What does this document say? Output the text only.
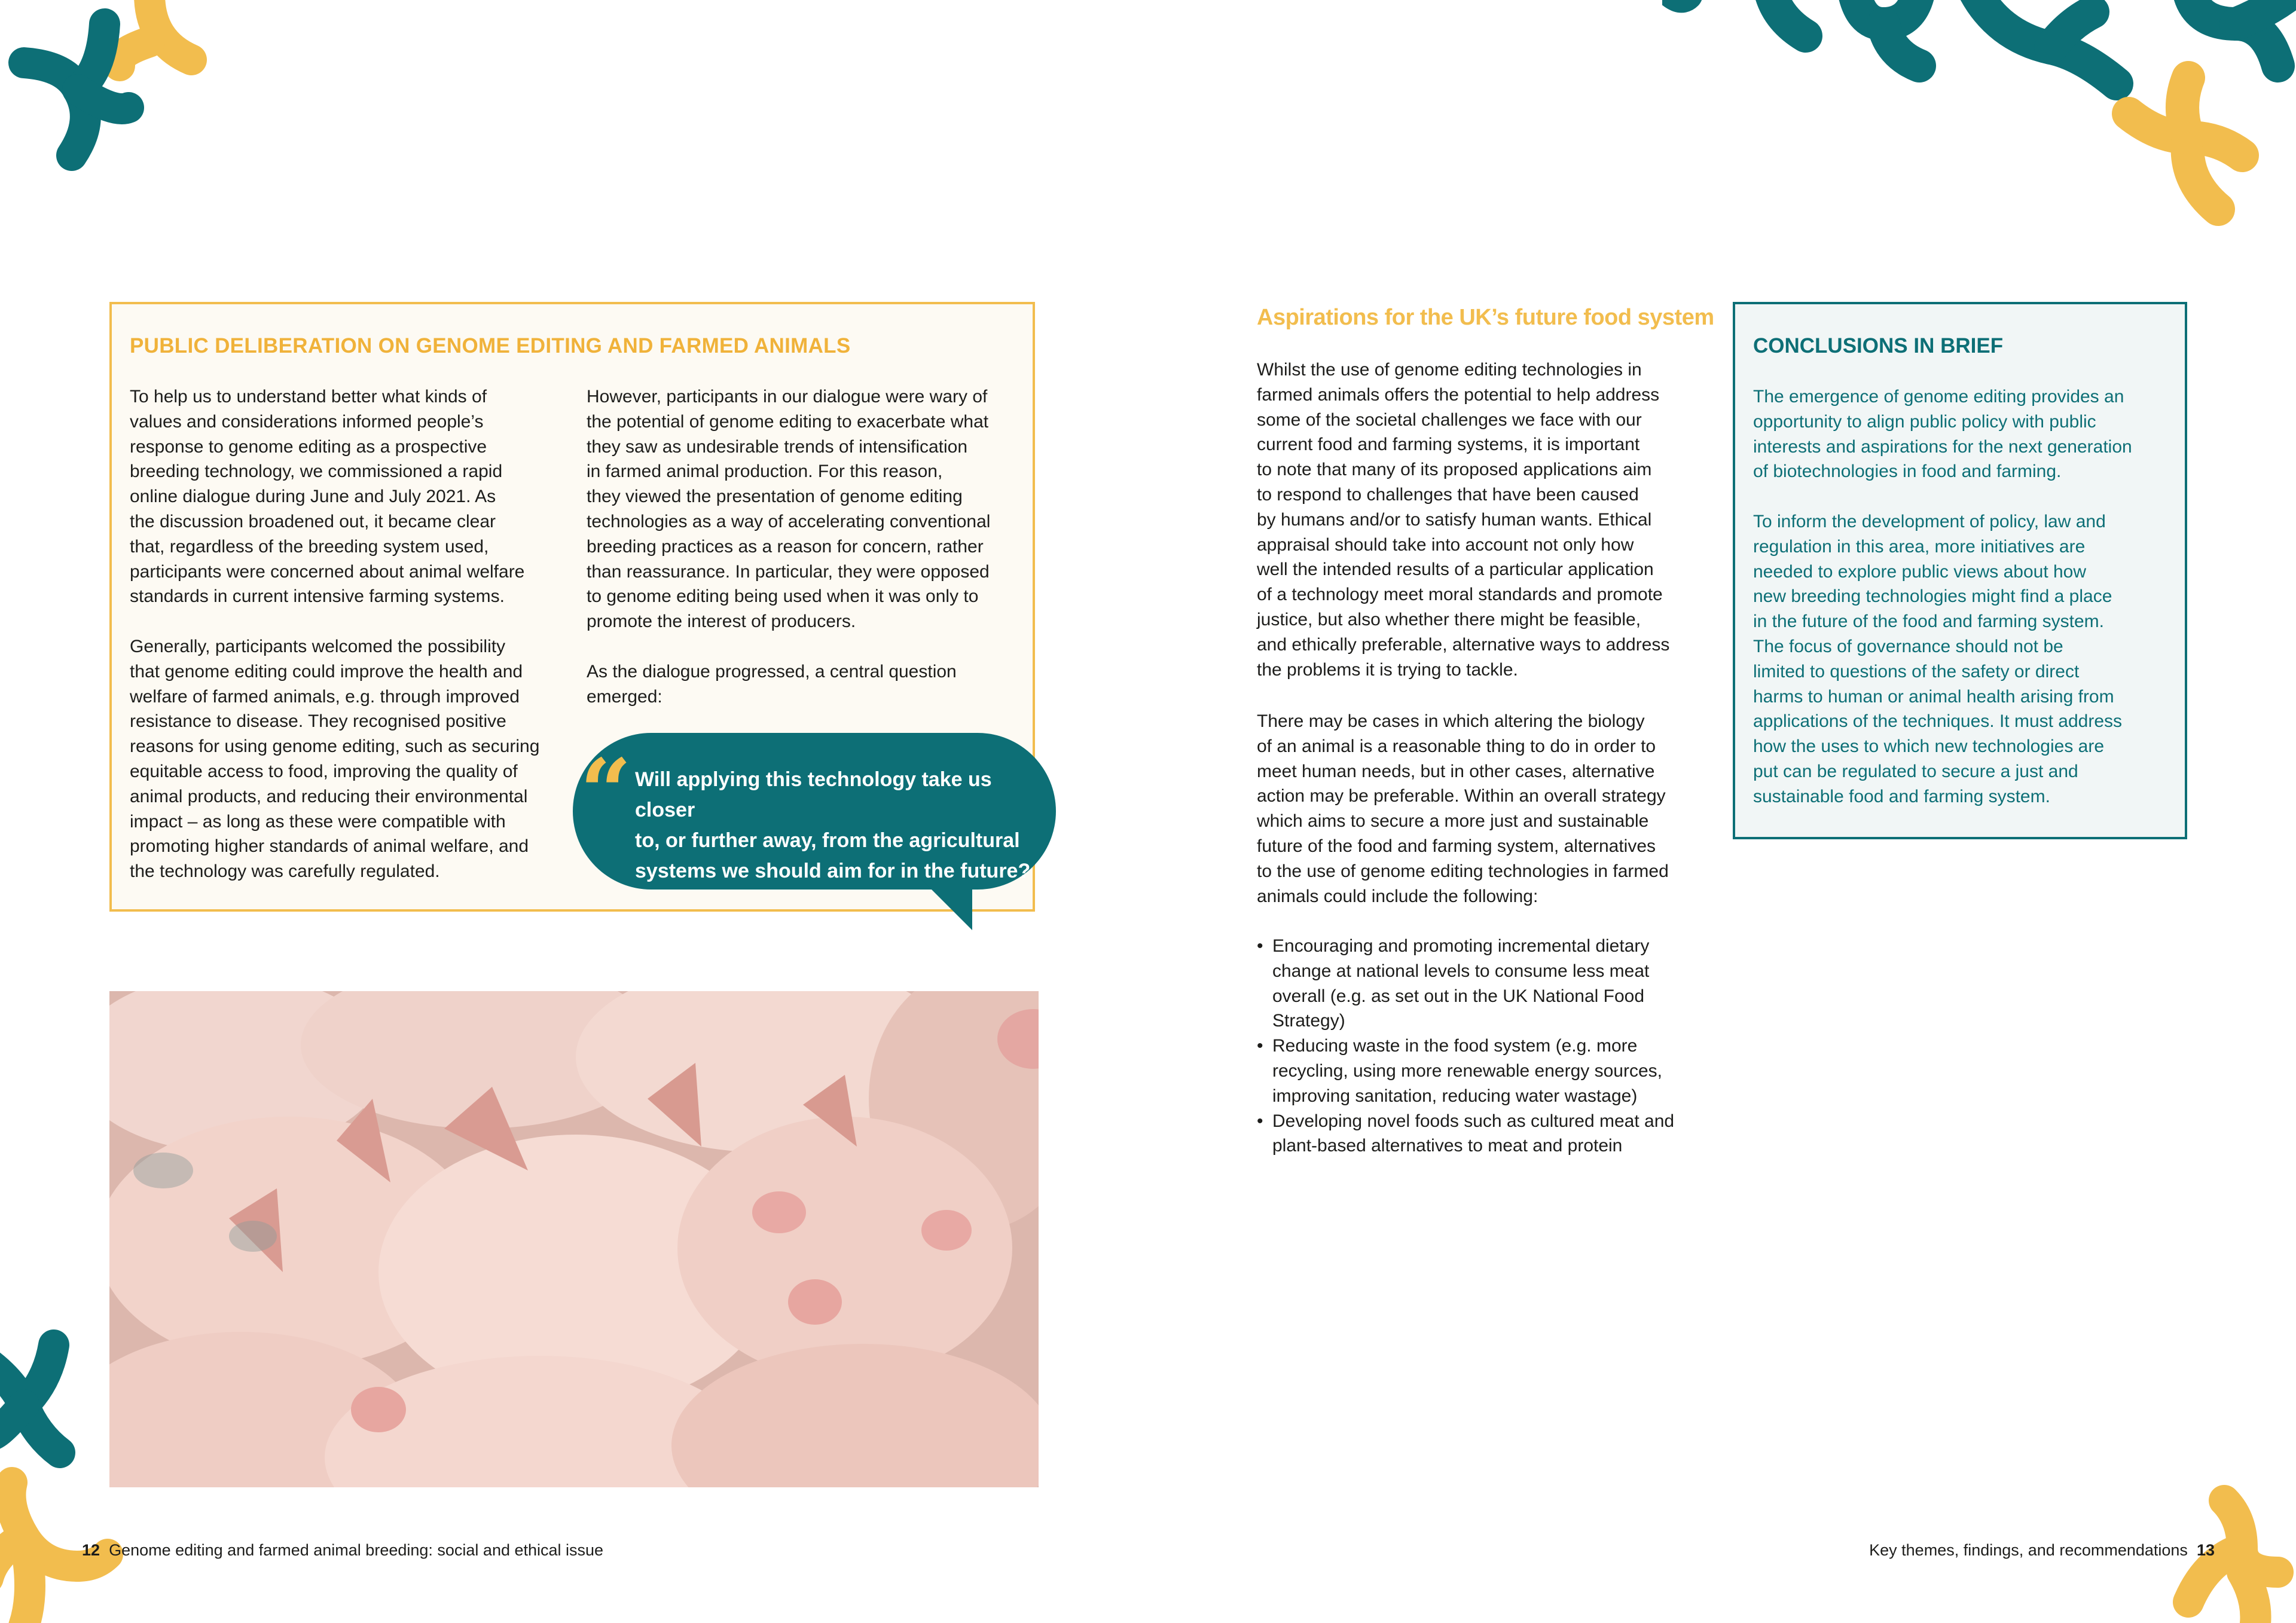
PUBLIC DELIBERATION ON GENOME EDITING AND FARMED ANIMALS

To help us to understand better what kinds of
values and considerations informed people’s
response to genome editing as a prospective
breeding technology, we commissioned a rapid
online dialogue during June and July 2021. As
the discussion broadened out, it became clear
that, regardless of the breeding system used,
participants were concerned about animal welfare
standards in current intensive farming systems.

Generally, participants welcomed the possibility
that genome editing could improve the health and
welfare of farmed animals, e.g. through improved
resistance to disease. They recognised positive
reasons for using genome editing, such as securing
equitable access to food, improving the quality of
animal products, and reducing their environmental
impact – as long as these were compatible with
promoting higher standards of animal welfare, and
the technology was carefully regulated.

However, participants in our dialogue were wary of
the potential of genome editing to exacerbate what
they saw as undesirable trends of intensification
in farmed animal production. For this reason,
they viewed the presentation of genome editing
technologies as a way of accelerating conventional
breeding practices as a reason for concern, rather
than reassurance. In particular, they were opposed
to genome editing being used when it was only to
promote the interest of producers.

As the dialogue progressed, a central question
emerged:

“ Will applying this technology take us closer
to, or further away, from the agricultural
systems we should aim for in the future?

Aspirations for the UK’s future food system

Whilst the use of genome editing technologies in
farmed animals offers the potential to help address
some of the societal challenges we face with our
current food and farming systems, it is important
to note that many of its proposed applications aim
to respond to challenges that have been caused
by humans and/or to satisfy human wants. Ethical
appraisal should take into account not only how
well the intended results of a particular application
of a technology meet moral standards and promote
justice, but also whether there might be feasible,
and ethically preferable, alternative ways to address
the problems it is trying to tackle.

There may be cases in which altering the biology
of an animal is a reasonable thing to do in order to
meet human needs, but in other cases, alternative
action may be preferable. Within an overall strategy
which aims to secure a more just and sustainable
future of the food and farming system, alternatives
to the use of genome editing technologies in farmed
animals could include the following:

• Encouraging and promoting incremental dietary
change at national levels to consume less meat
overall (e.g. as set out in the UK National Food
Strategy)
• Reducing waste in the food system (e.g. more
recycling, using more renewable energy sources,
improving sanitation, reducing water wastage)
• Developing novel foods such as cultured meat and
plant-based alternatives to meat and protein
CONCLUSIONS IN BRIEF

The emergence of genome editing provides an
opportunity to align public policy with public
interests and aspirations for the next generation
of biotechnologies in food and farming.

To inform the development of policy, law and
regulation in this area, more initiatives are
needed to explore public views about how
new breeding technologies might find a place
in the future of the food and farming system.
The focus of governance should not be
limited to questions of the safety or direct
harms to human or animal health arising from
applications of the techniques. It must address
how the uses to which new technologies are
put can be regulated to secure a just and
sustainable food and farming system.

12 Genome editing and farmed animal breeding: social and ethical issue	Key themes, findings, and recommendations 13
